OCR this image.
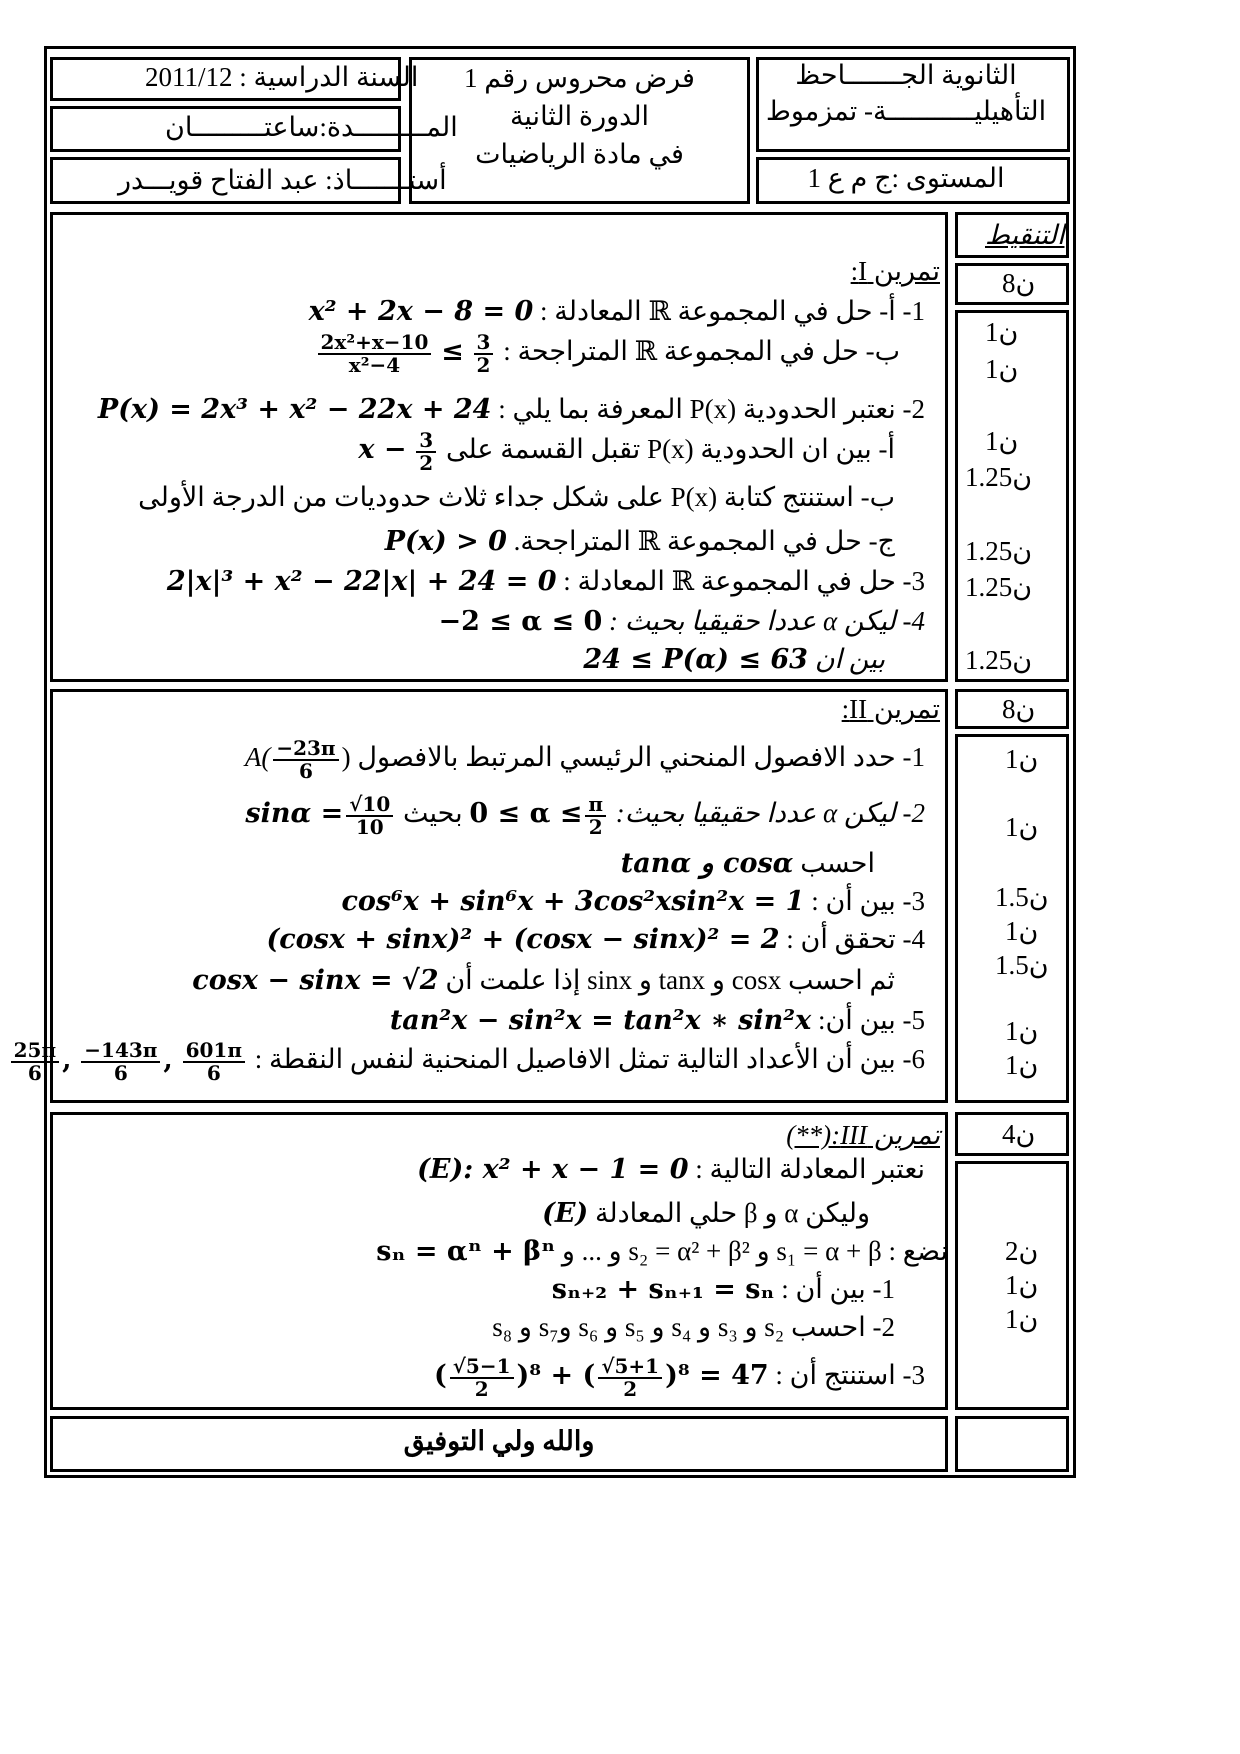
السنة الدراسية : 2011/12
المـــــــــدة:ساعتـــــــــان
أستـــــــاذ: عبد الفتاح قويـــدر
فرض محروس رقم 1
الدورة الثانية
في مادة الرياضيات
الثانوية الجـــــــاحظ
التأهيليـــــــــــة- تمزموط
المستوى :ج م ع 1
التنقيط
8ن
تمرين I:
1- أ- حل في المجموعة ℝ المعادلة : x² + 2x − 8 = 0
ب- حل في المجموعة ℝ المتراجحة :
$\frac{\text{2x²+x−10}}{\text{x²−4}} \le \frac{3}{2}$
2- نعتبر الحدودية P(x) المعرفة بما يلي : P(x) = 2x³ + x² − 22x + 24
أ- بين ان الحدودية P(x) تقبل القسمة على $x - \frac{3}{2}$
ب- استنتج كتابة P(x) على شكل جداء ثلاث حدوديات من الدرجة الأولى
ج- حل في المجموعة ℝ المتراجحة. P(x) > 0
3- حل في المجموعة ℝ المعادلة : 2|x|³ + x² − 22|x| + 24 = 0
4- ليكن α عددا حقيقيا بحيث : −2 ≤ α ≤ 0
بين ان 24 ≤ P(α) ≤ 63
1ن
1ن
1ن
1.25ن
1.25ن
1.25ن
1.25ن
8ن
تمرين II:
1- حدد الافصول المنحني الرئيسي المرتبط بالافصول $A( \frac{-23\pi}{6}$ )
2- ليكن α عددا حقيقيا بحيث: $0 \le \alpha \le \frac{\pi}{2}$
بحيث $\sin\alpha = \frac{√10}{10}$
احسب cosα و tanα
3- بين أن : cos⁶x + sin⁶x + 3cos²xsin²x = 1
4- تحقق أن : (cosx + sinx)² + (cosx − sinx)² = 2
ثم احسب cosx و tanx و sinx إذا علمت أن cosx − sinx = √2
5- بين أن: tan²x − sin²x = tan²x ∗ sin²x
6- بين أن الأعداد التالية تمثل الافاصيل المنحنية لنفس النقطة :
$\frac{25\pi}{6}$ , $\frac{-143\pi}{6}$ , $\frac{601\pi}{6}$
1ن
1ن
1.5ن
1ن
1.5ن
1ن
1ن
4ن
تمرين III:(**)
نعتبر المعادلة التالية : (E): x² + x − 1 = 0
وليكن α و β حلي المعادلة (E)
نضع : s₁ = α + β و s₂ = α² + β² و ... و sₙ = αⁿ + βⁿ
1- بين أن : sₙ₊₂ + sₙ₊₁ = sₙ
2- احسب s₂ و s₃ و s₄ و s₅ و s₆ وs₇ و s₈
3- استنتج أن : ( $\frac{√5-1}{2} )^8$ + ( $\frac{√5+1}{2} )^8 = 47$
2ن
1ن
1ن
والله ولي التوفيق
